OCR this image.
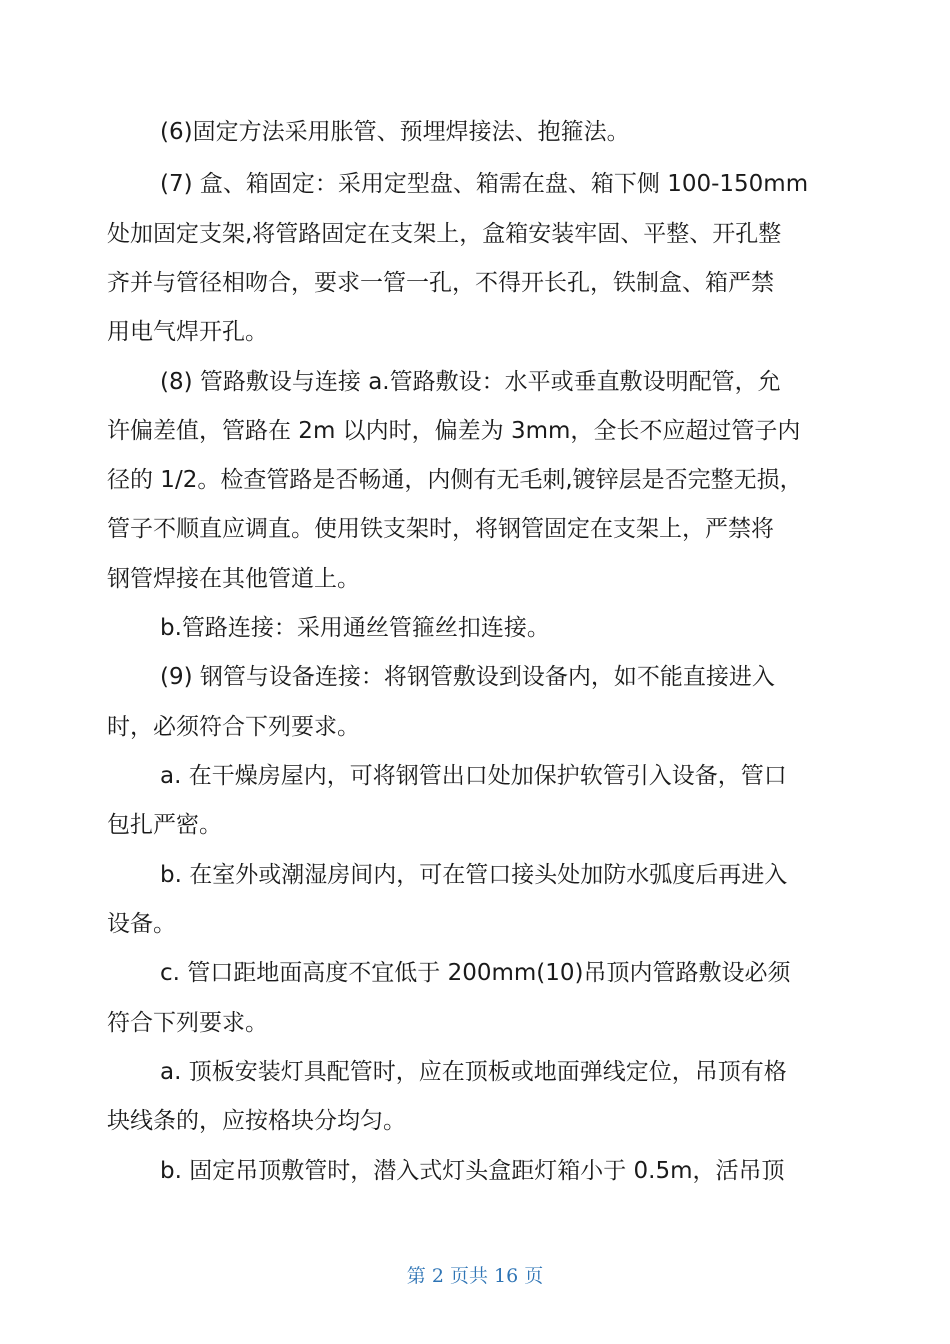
(6)固定方法采用胀管、预埋焊接法、抱箍法。
(7) 盒、箱固定：采用定型盘、箱需在盘、箱下侧 100-150mm
处加固定支架,将管路固定在支架上，盒箱安装牢固、平整、开孔整
齐并与管径相吻合，要求一管一孔，不得开长孔，铁制盒、箱严禁
用电气焊开孔。
(8) 管路敷设与连接 a.管路敷设：水平或垂直敷设明配管，允
许偏差值，管路在 2m 以内时，偏差为 3mm，全长不应超过管子内
径的 1/2。检查管路是否畅通，内侧有无毛刺,镀锌层是否完整无损，
管子不顺直应调直。使用铁支架时，将钢管固定在支架上，严禁将
钢管焊接在其他管道上。
b.管路连接：采用通丝管箍丝扣连接。
(9) 钢管与设备连接：将钢管敷设到设备内，如不能直接进入
时，必须符合下列要求。
a. 在干燥房屋内，可将钢管出口处加保护软管引入设备，管口
包扎严密。
b. 在室外或潮湿房间内，可在管口接头处加防水弧度后再进入
设备。
c. 管口距地面高度不宜低于 200mm(10)吊顶内管路敷设必须
符合下列要求。
a. 顶板安装灯具配管时，应在顶板或地面弹线定位，吊顶有格
块线条的，应按格块分均匀。
b. 固定吊顶敷管时，潜入式灯头盒距灯箱小于 0.5m，活吊顶
第 2 页共 16 页
